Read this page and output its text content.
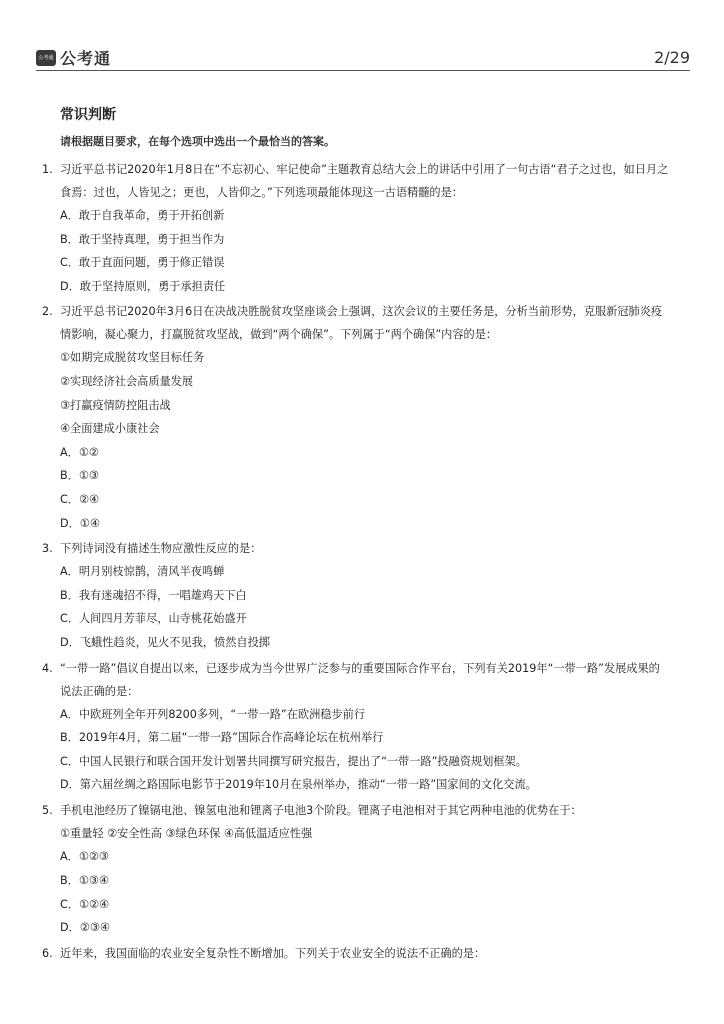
公考通 公考通	2/29
常识判断
请根据题目要求，在每个选项中选出一个最恰当的答案。
1. 习近平总书记2020年1月8日在“不忘初心、牢记使命”主题教育总结大会上的讲话中引用了一句古语“君子之过也，如日月之
食焉：过也，人皆见之；更也，人皆仰之。”下列选项最能体现这一古语精髓的是：
A．敢于自我革命，勇于开拓创新
B．敢于坚持真理，勇于担当作为
C．敢于直面问题，勇于修正错误
D．敢于坚持原则，勇于承担责任
2. 习近平总书记2020年3月6日在决战决胜脱贫攻坚座谈会上强调，这次会议的主要任务是，分析当前形势，克服新冠肺炎疫
情影响，凝心聚力，打赢脱贫攻坚战，做到“两个确保”。下列属于“两个确保”内容的是：
①如期完成脱贫攻坚目标任务
②实现经济社会高质量发展
③打赢疫情防控阻击战
④全面建成小康社会
A．①②
B．①③
C．②④
D．①④
3. 下列诗词没有描述生物应激性反应的是：
A．明月别枝惊鹊，清风半夜鸣蝉
B．我有迷魂招不得，一唱雄鸡天下白
C．人间四月芳菲尽，山寺桃花始盛开
D．飞蛾性趋炎，见火不见我，愤然自投掷
4. “一带一路”倡议自提出以来，已逐步成为当今世界广泛参与的重要国际合作平台，下列有关2019年“一带一路”发展成果的
说法正确的是：
A．中欧班列全年开列8200多列，“一带一路”在欧洲稳步前行
B．2019年4月，第二届“一带一路”国际合作高峰论坛在杭州举行
C．中国人民银行和联合国开发计划署共同撰写研究报告，提出了“一带一路”投融资规划框架。
D．第六届丝绸之路国际电影节于2019年10月在泉州举办，推动“一带一路”国家间的文化交流。
5. 手机电池经历了镍镉电池、镍氢电池和锂离子电池3个阶段。锂离子电池相对于其它两种电池的优势在于：
①重量轻 ②安全性高 ③绿色环保 ④高低温适应性强
A．①②③
B．①③④
C．①②④
D．②③④
6. 近年来，我国面临的农业安全复杂性不断增加。下列关于农业安全的说法不正确的是：
